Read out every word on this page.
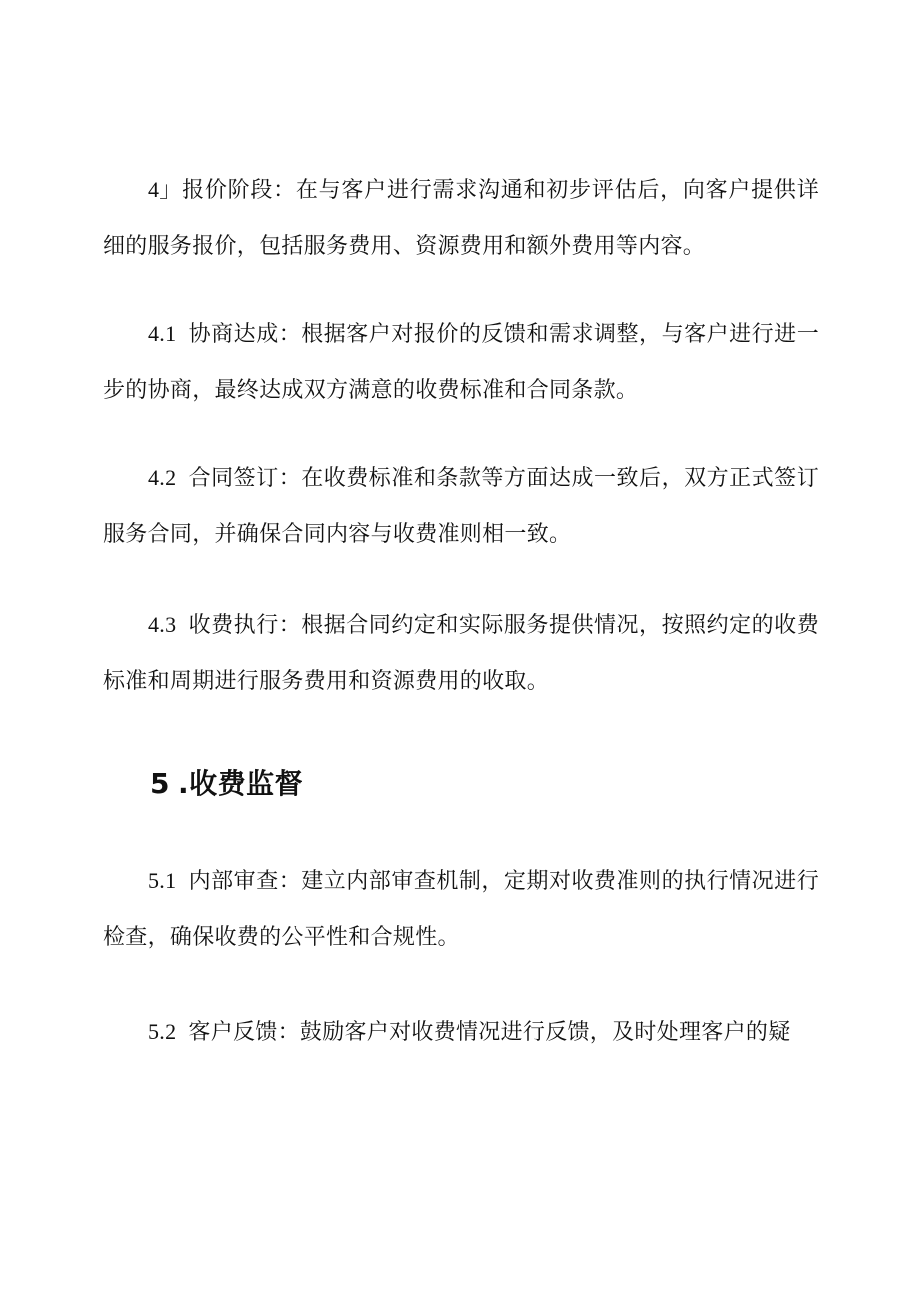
4」报价阶段：在与客户进行需求沟通和初步评估后，向客户提供详细的服务报价，包括服务费用、资源费用和额外费用等内容。

4.1 协商达成：根据客户对报价的反馈和需求调整，与客户进行进一步的协商，最终达成双方满意的收费标准和合同条款。

4.2 合同签订：在收费标准和条款等方面达成一致后，双方正式签订服务合同，并确保合同内容与收费准则相一致。

4.3 收费执行：根据合同约定和实际服务提供情况，按照约定的收费标准和周期进行服务费用和资源费用的收取。

5 .收费监督

5.1 内部审查：建立内部审查机制，定期对收费准则的执行情况进行检查，确保收费的公平性和合规性。

5.2 客户反馈：鼓励客户对收费情况进行反馈，及时处理客户的疑
